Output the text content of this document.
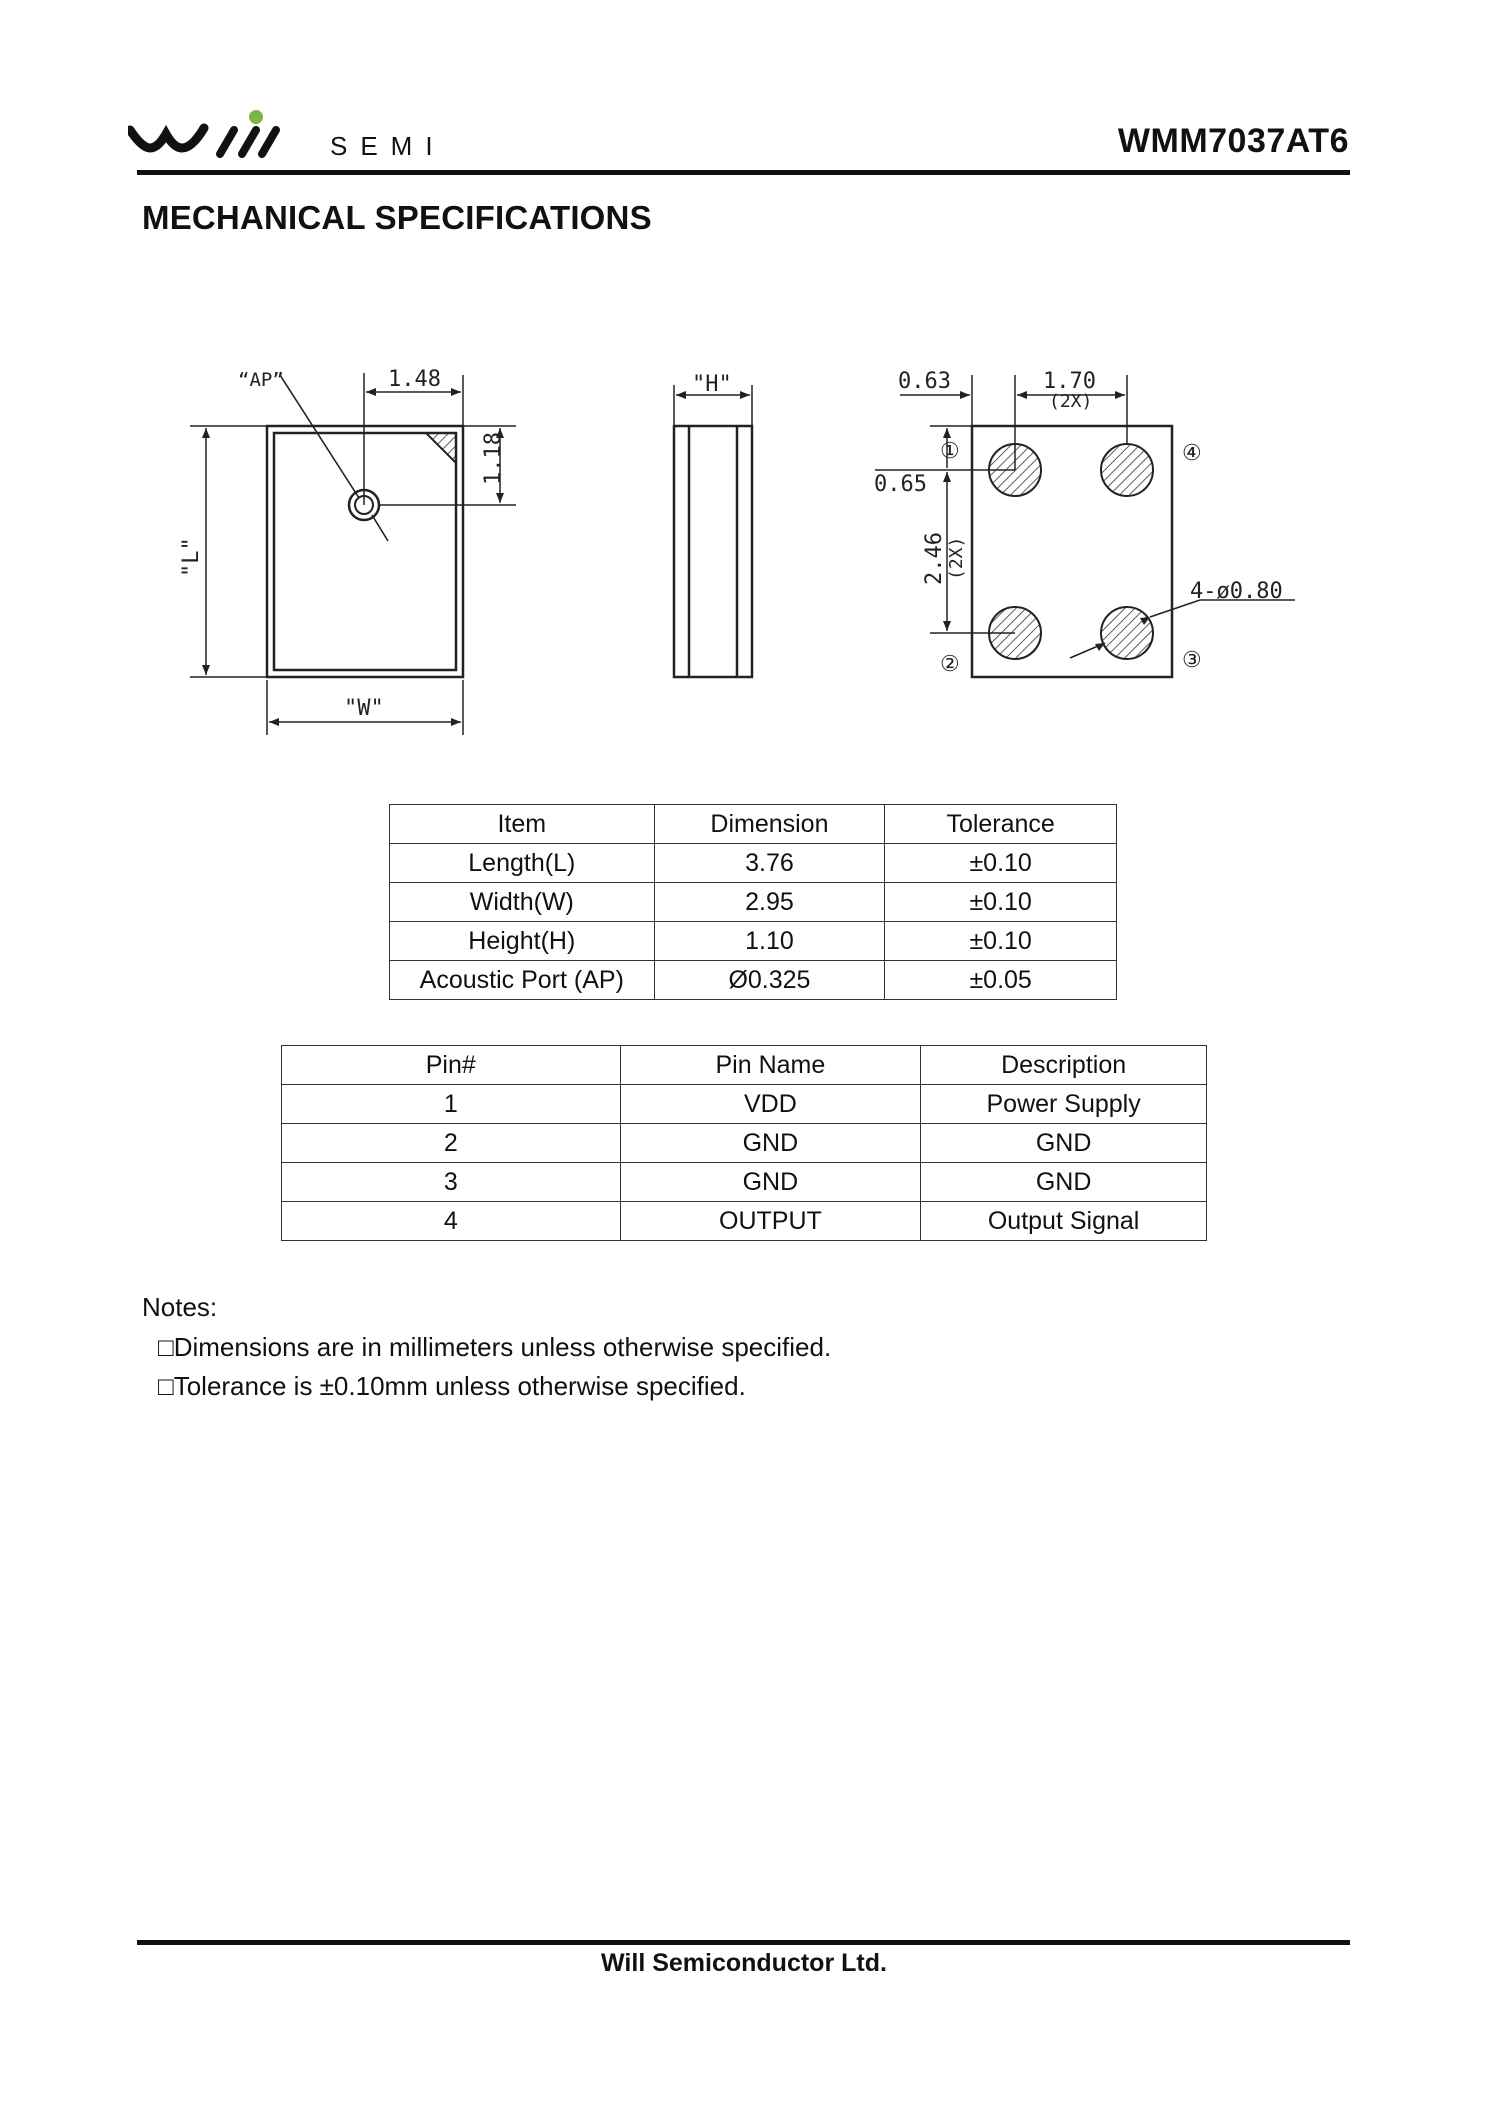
SEMI	WMM7037AT6
MECHANICAL SPECIFICATIONS
“AP”	1.48
1.18
"L"
"W"
"H"	0.63	1.70
(2X)
0.65
2.46 (2X)
4-ø0.80
①
②	③
④
Item	Dimension	Tolerance
Length(L)	3.76	±0.10
Width(W)	2.95	±0.10
Height(H)	1.10	±0.10
Acoustic Port (AP)	Ø0.325	±0.05
Pin#	Pin Name	Description
1	VDD	Power Supply
2	GND	GND
3	GND	GND
4	OUTPUT	Output Signal
Notes:
□Dimensions are in millimeters unless otherwise specified.
□Tolerance is ±0.10mm unless otherwise specified.
Will Semiconductor Ltd.
